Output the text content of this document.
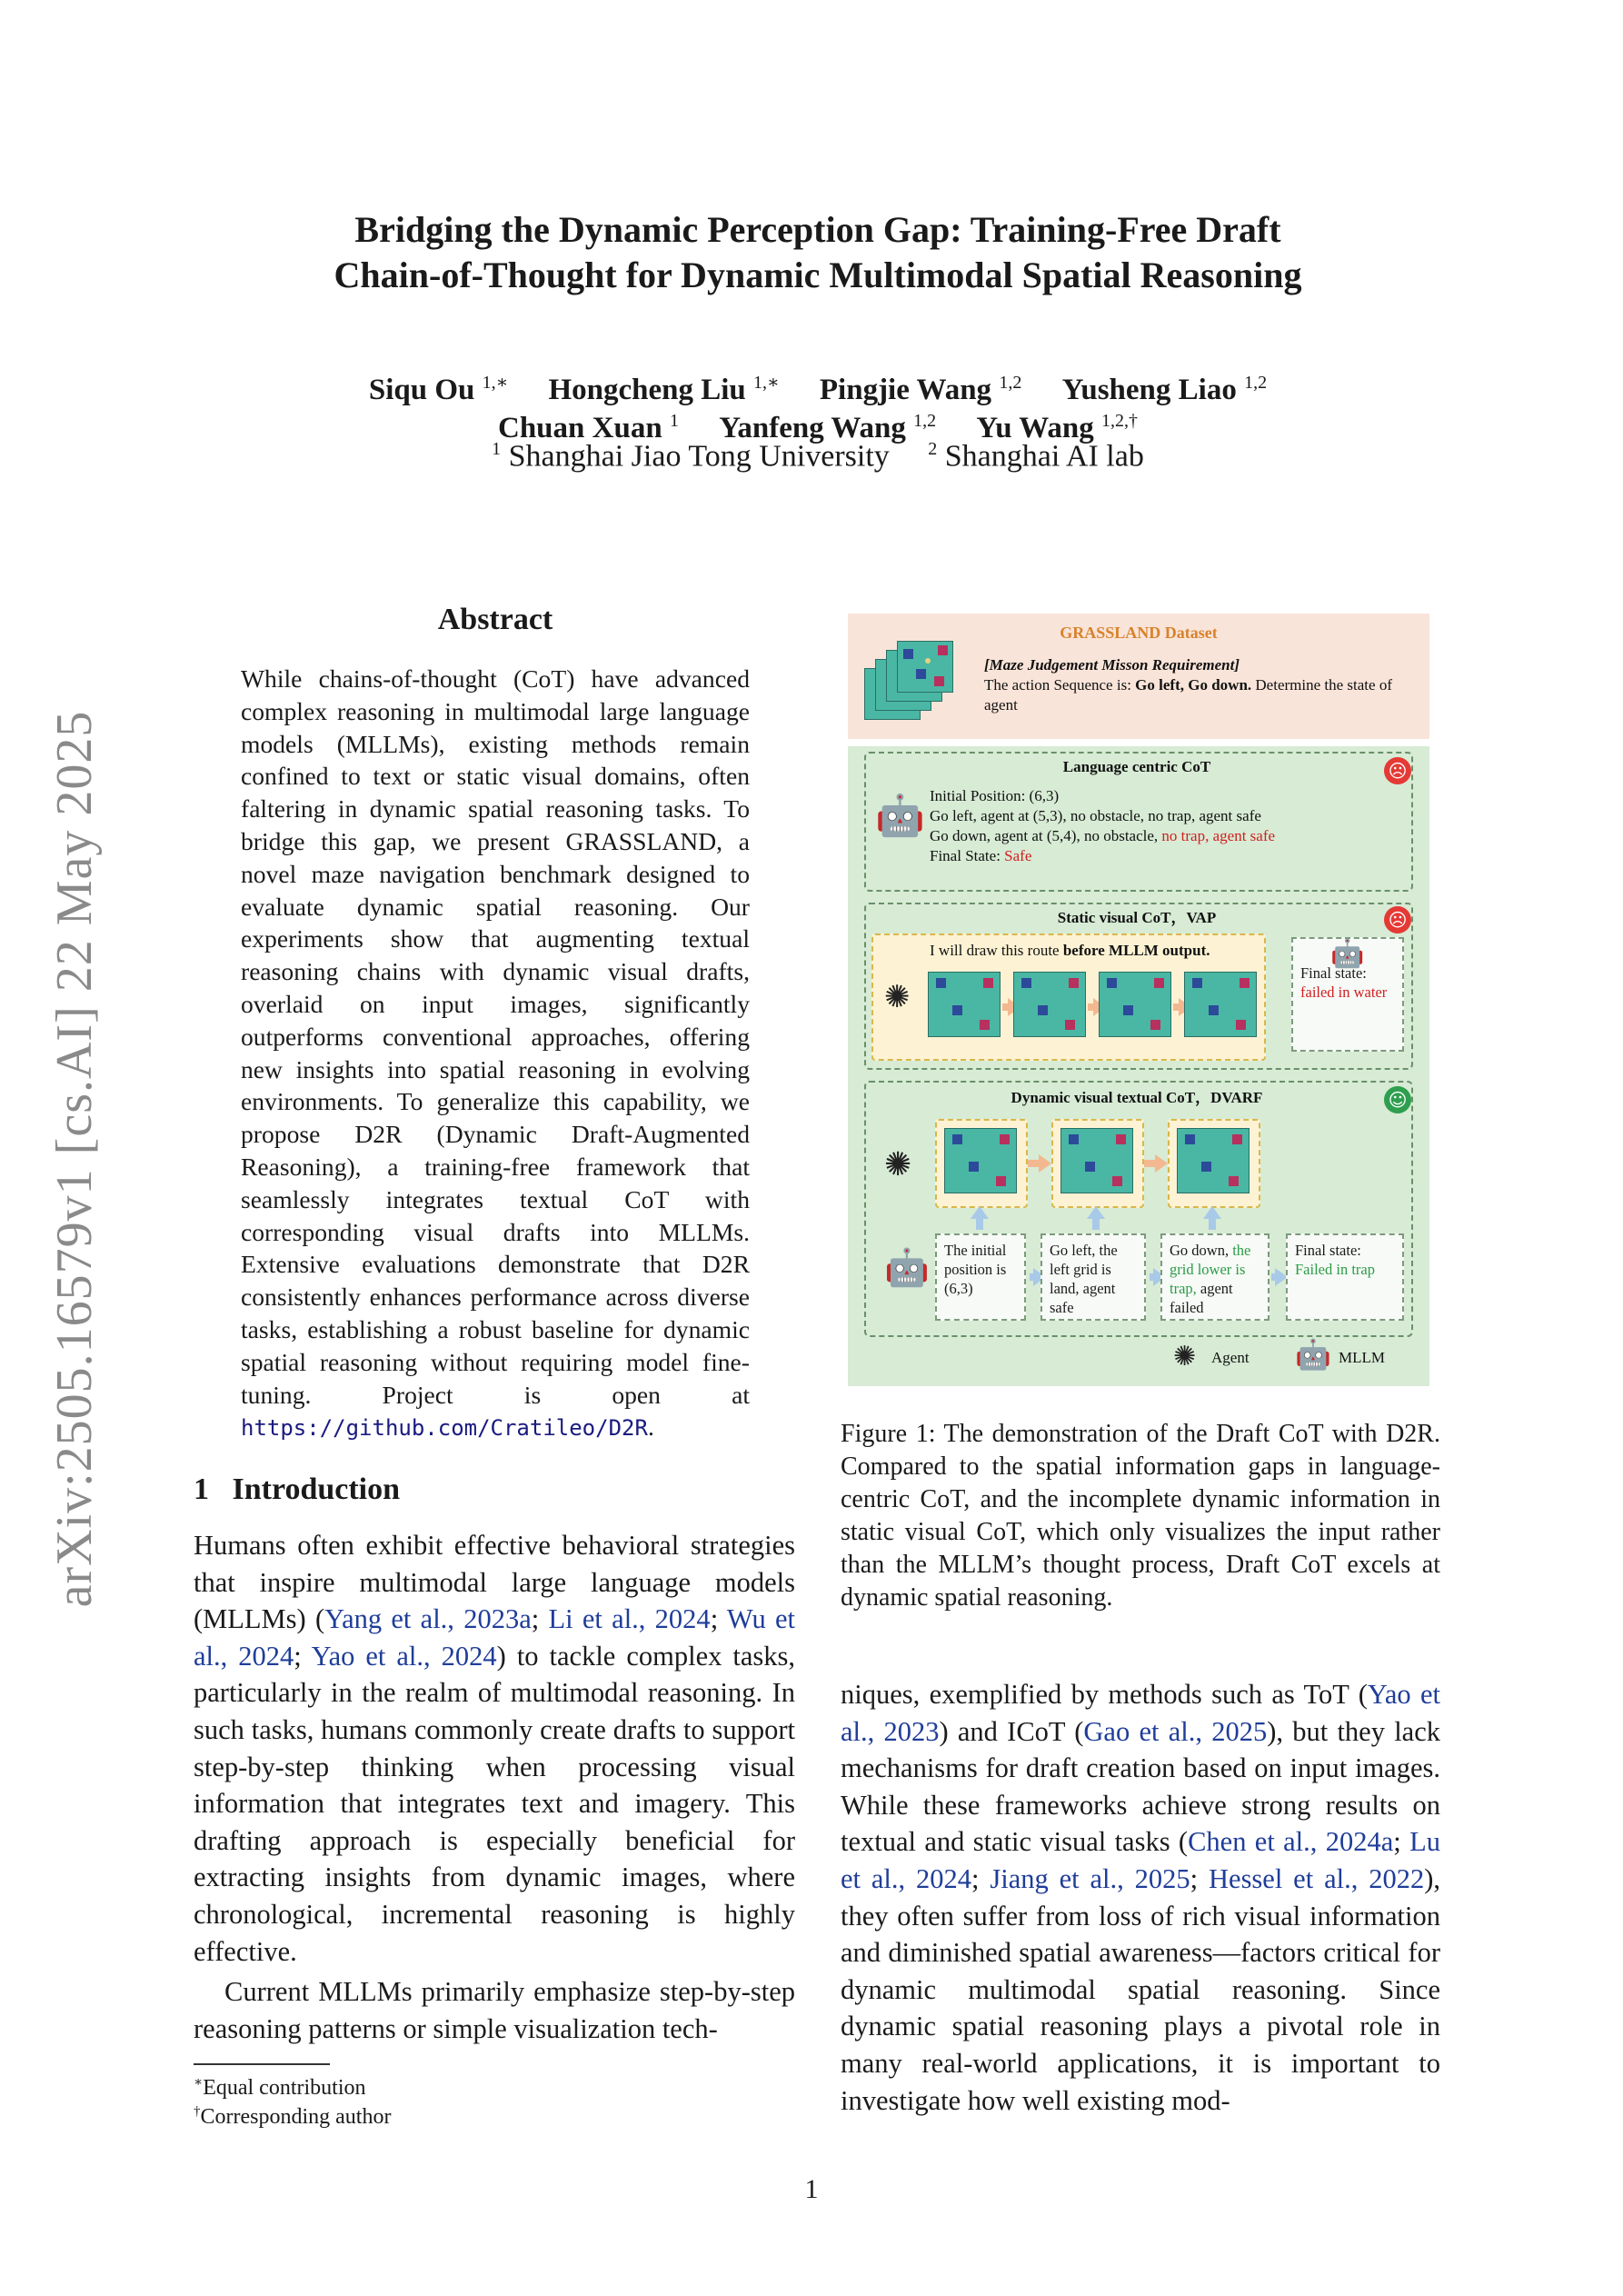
arXiv:2505.16579v1 [cs.AI] 22 May 2025
Bridging the Dynamic Perception Gap: Training-Free Draft
Chain-of-Thought for Dynamic Multimodal Spatial Reasoning
Siqu Ou $^{1,∗}$ Hongcheng Liu $^{1,∗}$ Pingjie Wang $^{1,2}$ Yusheng Liao $^{1,2}$
Chuan Xuan $^1$ Yanfeng Wang $^{1,2}$ Yu Wang $^{1,2,\dagger}$
$^1$ Shanghai Jiao Tong University $^2$ Shanghai AI lab
Abstract
While chains-of-thought (CoT) have advanced complex reasoning in multimodal large language models (MLLMs), existing methods remain confined to text or static visual domains, often faltering in dynamic spatial reasoning tasks. To bridge this gap, we present GRASSLAND, a novel maze navigation benchmark designed to evaluate dynamic spatial reasoning. Our experiments show that augmenting textual reasoning chains with dynamic visual drafts, overlaid on input images, significantly outperforms conventional approaches, offering new insights into spatial reasoning in evolving environments. To generalize this capability, we propose D2R (Dynamic Draft-Augmented Reasoning), a training-free framework that seamlessly integrates textual CoT with corresponding visual drafts into MLLMs. Extensive evaluations demonstrate that D2R consistently enhances performance across diverse tasks, establishing a robust baseline for dynamic spatial reasoning without requiring model fine-tuning. Project is open at https://github.com/Cratileo/D2R.
1 Introduction

Humans often exhibit effective behavioral strategies that inspire multimodal large language models (MLLMs) (Yang et al., 2023a; Li et al., 2024; Wu et al., 2024; Yao et al., 2024) to tackle complex tasks, particularly in the realm of multimodal reasoning. In such tasks, humans commonly create drafts to support step-by-step thinking when processing visual information that integrates text and imagery. This drafting approach is especially beneficial for extracting insights from dynamic images, where chronological, incremental reasoning is highly effective.

Current MLLMs primarily emphasize step-by-step reasoning patterns or simple visualization tech-

∗Equal contribution
†Corresponding author
GRASSLAND Dataset
[Maze Judgement Misson Requirement]
The action Sequence is: Go left, Go down. Determine the state of agent
Language centric CoT	☹
🤖 Initial Position: (6,3)
Go left, agent at (5,3), no obstacle, no trap, agent safe
Go down, agent at (5,4), no obstacle, no trap, agent safe
Final State: Safe
Static visual CoT，VAP	☹
I will draw this route before MLLM output.
✺
🤖
Final state:
failed in water
Dynamic visual textual CoT，DVARF	☺
✺
🤖 The initial position is (6,3)
Go left, the left grid is land, agent safe
Go down, the grid lower is trap, agent failed
Final state:
Failed in trap
✺ Agent 🤖 MLLM
Figure 1: The demonstration of the Draft CoT with D2R. Compared to the spatial information gaps in language-centric CoT, and the incomplete dynamic information in static visual CoT, which only visualizes the input rather than the MLLM’s thought process, Draft CoT excels at dynamic spatial reasoning.
niques, exemplified by methods such as ToT (Yao et al., 2023) and ICoT (Gao et al., 2025), but they lack mechanisms for draft creation based on input images. While these frameworks achieve strong results on textual and static visual tasks (Chen et al., 2024a; Lu et al., 2024; Jiang et al., 2025; Hessel et al., 2022), they often suffer from loss of rich visual information and diminished spatial awareness—factors critical for dynamic multimodal spatial reasoning. Since dynamic spatial reasoning plays a pivotal role in many real-world applications, it is important to investigate how well existing mod-
1
